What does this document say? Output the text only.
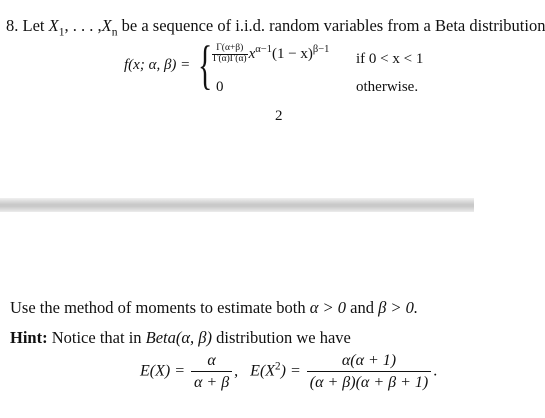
8. Let $X_1$, . . . $,X_n$ be a sequence of i.i.d. random variables from a Beta distribution
f(x; α, β) = { $\frac{\Gamma(\alpha+\beta)}{\Gamma(\alpha)\Gamma(\alpha)} x^{\alpha-1}(1 - x)^{\beta-1}$
if 0 < x < 1
0	otherwise.
2
Use the method of moments to estimate both α > 0 and β > 0.
Hint: Notice that in Beta(α, β) distribution we have
$E(X) = \frac{\alpha}{\alpha + \beta}$ , $E(X^2) = \frac{\alpha(\alpha + 1)}{(\alpha + \beta)(\alpha + \beta + 1)}$ .
